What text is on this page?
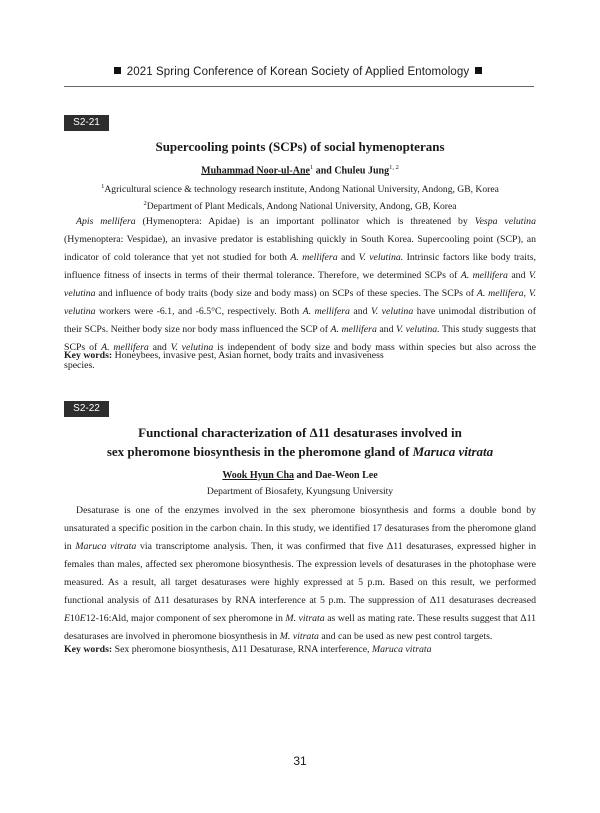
2021 Spring Conference of Korean Society of Applied Entomology
S2-21
Supercooling points (SCPs) of social hymenopterans
Muhammad Noor-ul-Ane$^1$ and Chuleu Jung$^{1, 2}$
$^1$Agricultural science & technology research institute, Andong National University, Andong, GB, Korea
$^2$Department of Plant Medicals, Andong National University, Andong, GB, Korea

Apis mellifera (Hymenoptera: Apidae) is an important pollinator which is threatened by Vespa velutina (Hymenoptera: Vespidae), an invasive predator is establishing quickly in South Korea. Supercooling point (SCP), an indicator of cold tolerance that yet not studied for both A. mellifera and V. velutina. Intrinsic factors like body traits, influence fitness of insects in terms of their thermal tolerance. Therefore, we determined SCPs of A. mellifera and V. velutina and influence of body traits (body size and body mass) on SCPs of these species. The SCPs of A. mellifera, V. velutina workers were -6.1, and -6.5°C, respectively. Both A. mellifera and V. velutina have unimodal distribution of their SCPs. Neither body size nor body mass influenced the SCP of A. mellifera and V. velutina. This study suggests that SCPs of A. mellifera and V. velutina is independent of body size and body mass within species but also across the species.

Key words: Honeybees, invasive pest, Asian hornet, body traits and invasiveness
S2-22
Functional characterization of Δ11 desaturases involved in
sex pheromone biosynthesis in the pheromone gland of Maruca vitrata
Wook Hyun Cha and Dae-Weon Lee
Department of Biosafety, Kyungsung University

Desaturase is one of the enzymes involved in the sex pheromone biosynthesis and forms a double bond by unsaturated a specific position in the carbon chain. In this study, we identified 17 desaturases from the pheromone gland in Maruca vitrata via transcriptome analysis. Then, it was confirmed that five Δ11 desaturases, expressed higher in females than males, affected sex pheromone biosynthesis. The expression levels of desaturases in the photophase were measured. As a result, all target desaturases were highly expressed at 5 p.m. Based on this result, we performed functional analysis of Δ11 desaturases by RNA interference at 5 p.m. The suppression of Δ11 desaturases decreased E10E12-16:Ald, major component of sex pheromone in M. vitrata as well as mating rate. These results suggest that Δ11 desaturases are involved in pheromone biosynthesis in M. vitrata and can be used as new pest control targets.

Key words: Sex pheromone biosynthesis, Δ11 Desaturase, RNA interference, Maruca vitrata
31
